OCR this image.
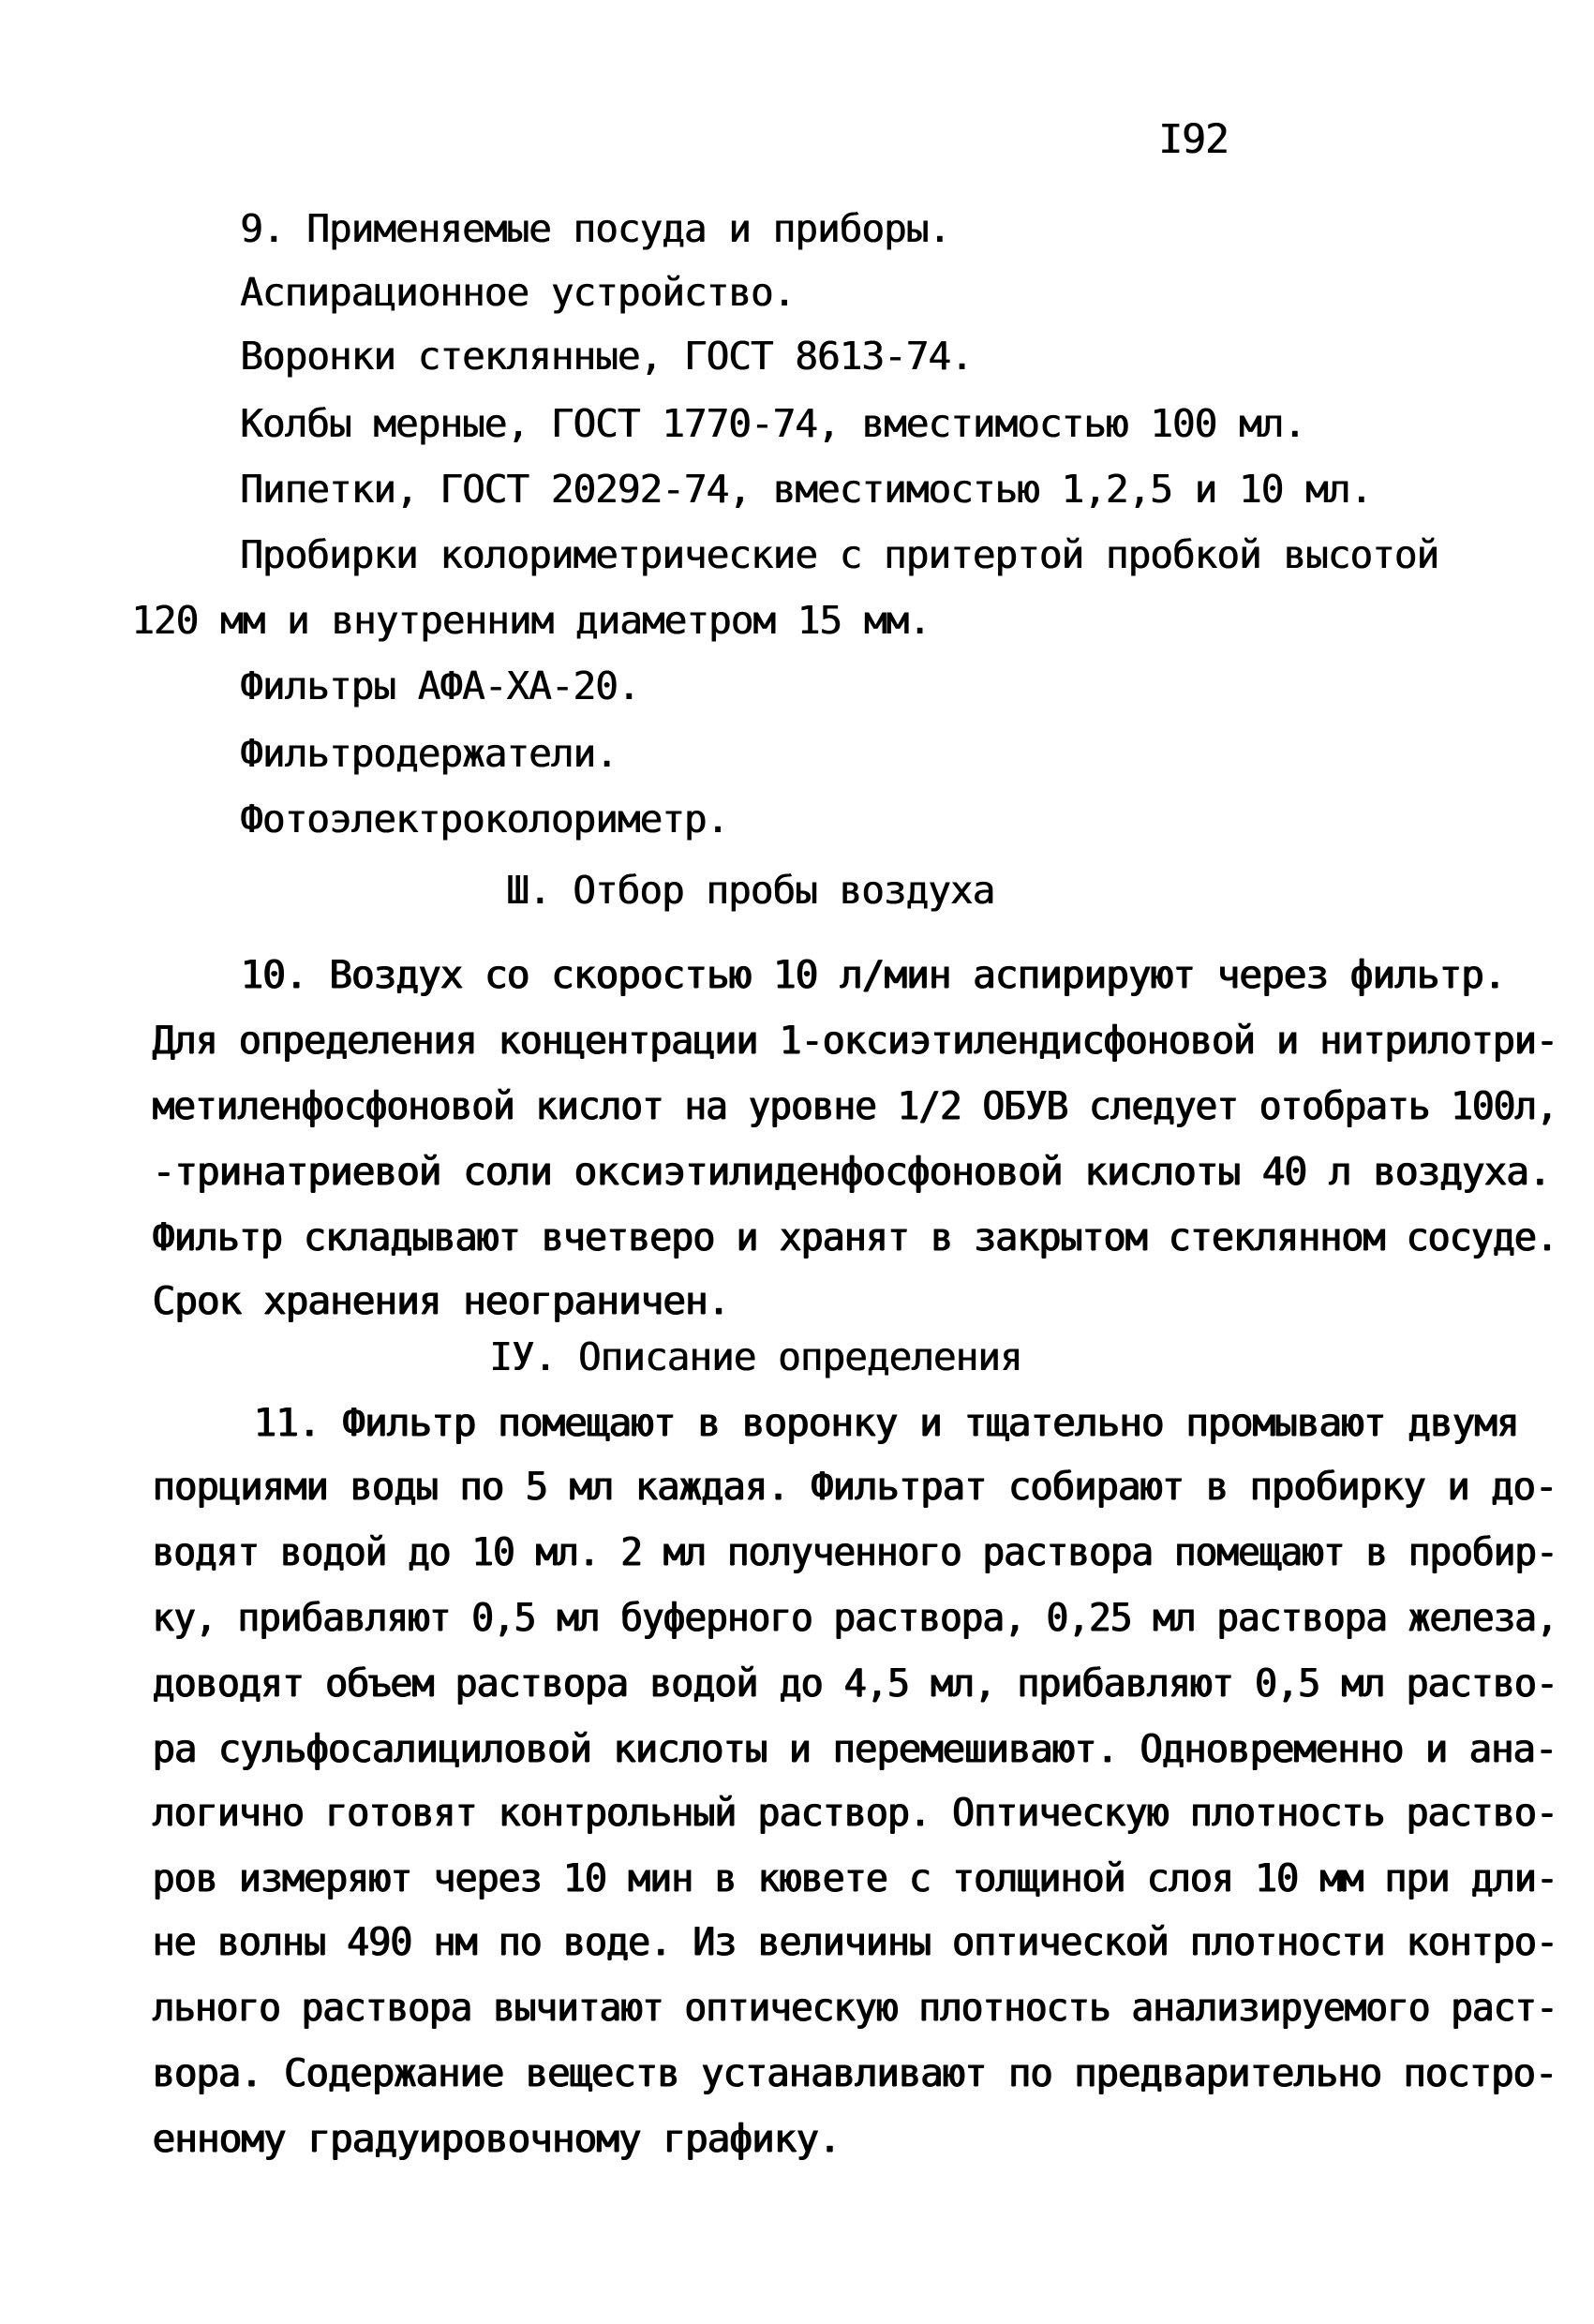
I92
9. Применяемые посуда и приборы.
Аспирационное устройство.
Воронки стеклянные, ГОСТ 8613-74.
Колбы мерные, ГОСТ 1770-74, вместимостью 100 мл.
Пипетки, ГОСТ 20292-74, вместимостью 1,2,5 и 10 мл.
Пробирки колориметрические с притертой пробкой высотой
120 мм и внутренним диаметром 15 мм.
Фильтры АФА-ХА-20.
Фильтродержатели.
Фотоэлектроколориметр.
Ш. Отбор пробы воздуха
10. Воздух со скоростью 10 л/мин аспирируют через фильтр.
Для определения концентрации 1-оксиэтилендисфоновой и нитрилотри-
метиленфосфоновой кислот на уровне 1/2 ОБУВ следует отобрать 100л,
-тринатриевой соли оксиэтилиденфосфоновой кислоты 40 л воздуха.
Фильтр складывают вчетверо и хранят в закрытом стеклянном сосуде.
Срок хранения неограничен.
IУ. Описание определения
11. Фильтр помещают в воронку и тщательно промывают двумя
порциями воды по 5 мл каждая. Фильтрат собирают в пробирку и до-
водят водой до 10 мл. 2 мл полученного раствора помещают в пробир-
ку, прибавляют 0,5 мл буферного раствора, 0,25 мл раствора железа,
доводят объем раствора водой до 4,5 мл, прибавляют 0,5 мл раство-
ра сульфосалициловой кислоты и перемешивают. Одновременно и ана-
логично готовят контрольный раствор. Оптическую плотность раство-
ров измеряют через 10 мин в кювете с толщиной слоя 10 мм при дли-
не волны 490 нм по воде. Из величины оптической плотности контро-
льного раствора вычитают оптическую плотность анализируемого раст-
вора. Содержание веществ устанавливают по предварительно постро-
енному градуировочному графику.
